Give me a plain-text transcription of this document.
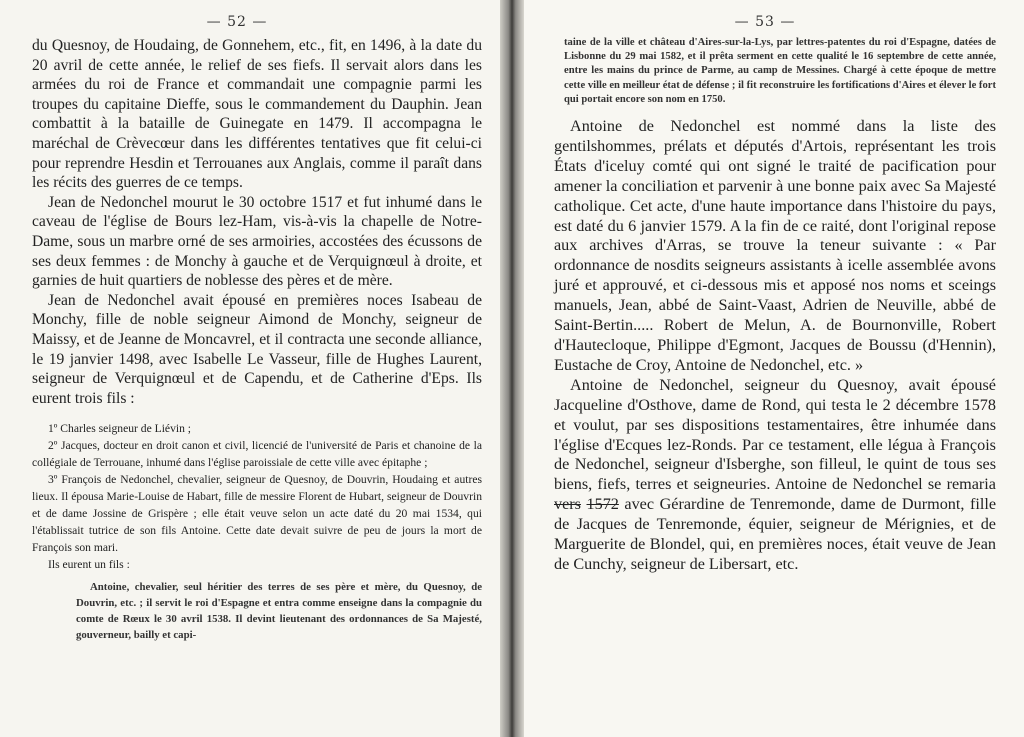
— 52 —

du Quesnoy, de Houdaing, de Gonnehem, etc., fit, en 1496, à la date du 20 avril de cette année, le relief de ses fiefs. Il servait alors dans les armées du roi de France et commandait une compagnie parmi les troupes du capitaine Dieffe, sous le commandement du Dauphin. Jean combattit à la bataille de Guinegate en 1479. Il accompagna le maréchal de Crèvecœur dans les différentes tentatives que fit celui-ci pour reprendre Hesdin et Terrouanes aux Anglais, comme il paraît dans les récits des guerres de ce temps.

Jean de Nedonchel mourut le 30 octobre 1517 et fut inhumé dans le caveau de l'église de Bours lez-Ham, vis-à-vis la chapelle de Notre-Dame, sous un marbre orné de ses armoiries, accostées des écussons de ses deux femmes : de Monchy à gauche et de Verquignœul à droite, et garnies de huit quartiers de noblesse des pères et de mère.

Jean de Nedonchel avait épousé en premières noces Isabeau de Monchy, fille de noble seigneur Aimond de Monchy, seigneur de Maissy, et de Jeanne de Moncavrel, et il contracta une seconde alliance, le 19 janvier 1498, avec Isabelle Le Vasseur, fille de Hughes Laurent, seigneur de Verquignœul et de Capendu, et de Catherine d'Eps. Ils eurent trois fils :

1º Charles seigneur de Liévin ;

2º Jacques, docteur en droit canon et civil, licencié de l'université de Paris et chanoine de la collégiale de Terrouane, inhumé dans l'église paroissiale de cette ville avec épitaphe ;

3º François de Nedonchel, chevalier, seigneur de Quesnoy, de Douvrin, Houdaing et autres lieux. Il épousa Marie-Louise de Habart, fille de messire Florent de Hubart, seigneur de Douvrin et de dame Jossine de Grispère ; elle était veuve selon un acte daté du 20 mai 1534, qui l'établissait tutrice de son fils Antoine. Cette date devait suivre de peu de jours la mort de François son mari.

Ils eurent un fils :

Antoine, chevalier, seul héritier des terres de ses père et mère, du Quesnoy, de Douvrin, etc. ; il servit le roi d'Espagne et entra comme enseigne dans la compagnie du comte de Rœux le 30 avril 1538. Il devint lieutenant des ordonnances de Sa Majesté, gouverneur, bailly et capi-

— 53 —

taine de la ville et château d'Aires-sur-la-Lys, par lettres-patentes du roi d'Espagne, datées de Lisbonne du 29 mai 1582, et il prêta serment en cette qualité le 16 septembre de cette année, entre les mains du prince de Parme, au camp de Messines. Chargé à cette époque de mettre cette ville en meilleur état de défense ; il fit reconstruire les fortifications d'Aires et élever le fort qui portait encore son nom en 1750.

Antoine de Nedonchel est nommé dans la liste des gentilshommes, prélats et députés d'Artois, représentant les trois États d'iceluy comté qui ont signé le traité de pacification pour amener la conciliation et parvenir à une bonne paix avec Sa Majesté catholique. Cet acte, d'une haute importance dans l'histoire du pays, est daté du 6 janvier 1579. A la fin de ce raité, dont l'original repose aux archives d'Arras, se trouve la teneur suivante : « Par ordonnance de nosdits seigneurs assistants à icelle assemblée avons juré et approuvé, et ci-dessous mis et apposé nos noms et sceings manuels, Jean, abbé de Saint-Vaast, Adrien de Neuville, abbé de Saint-Bertin..... Robert de Melun, A. de Bournonville, Robert d'Hautecloque, Philippe d'Egmont, Jacques de Boussu (d'Hennin), Eustache de Croy, Antoine de Nedonchel, etc. »

Antoine de Nedonchel, seigneur du Quesnoy, avait épousé Jacqueline d'Osthove, dame de Rond, qui testa le 2 décembre 1578 et voulut, par ses dispositions testamentaires, être inhumée dans l'église d'Ecques lez-Ronds. Par ce testament, elle légua à François de Nedonchel, seigneur d'Isberghe, son filleul, le quint de tous ses biens, fiefs, terres et seigneuries. Antoine de Nedonchel se remaria vers 1572 avec Gérardine de Tenremonde, dame de Durmont, fille de Jacques de Tenremonde, équier, seigneur de Mérignies, et de Marguerite de Blondel, qui, en premières noces, était veuve de Jean de Cunchy, seigneur de Libersart, etc.
